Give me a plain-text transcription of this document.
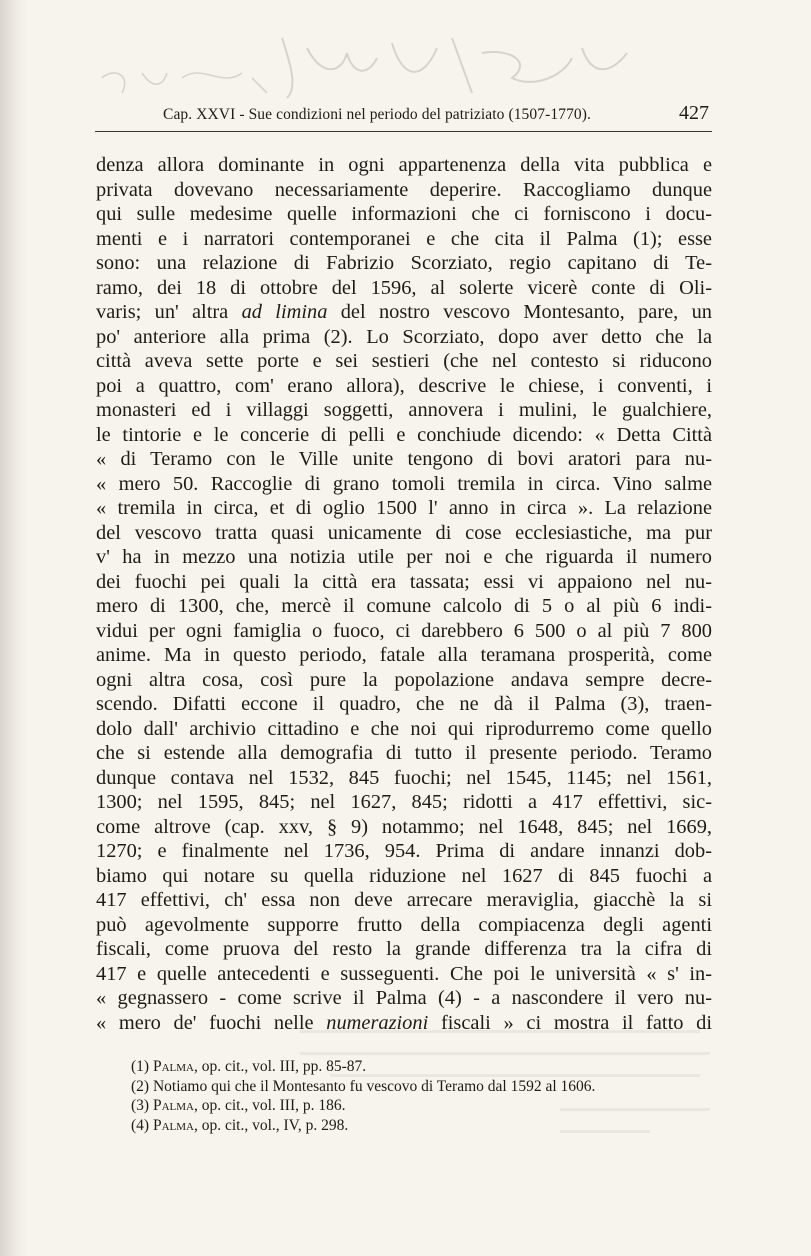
Cap. XXVI - Sue condizioni nel periodo del patriziato (1507-1770).	427
denza allora dominante in ogni appartenenza della vita pubblica e
privata dovevano necessariamente deperire. Raccogliamo dunque
qui sulle medesime quelle informazioni che ci forniscono i docu-
menti e i narratori contemporanei e che cita il Palma (1); esse
sono: una relazione di Fabrizio Scorziato, regio capitano di Te-
ramo, dei 18 di ottobre del 1596, al solerte vicerè conte di Oli-
varis; un' altra ad limina del nostro vescovo Montesanto, pare, un
po' anteriore alla prima (2). Lo Scorziato, dopo aver detto che la
città aveva sette porte e sei sestieri (che nel contesto si riducono
poi a quattro, com' erano allora), descrive le chiese, i conventi, i
monasteri ed i villaggi soggetti, annovera i mulini, le gualchiere,
le tintorie e le concerie di pelli e conchiude dicendo: « Detta Città
« di Teramo con le Ville unite tengono di bovi aratori para nu-
« mero 50. Raccoglie di grano tomoli tremila in circa. Vino salme
« tremila in circa, et di oglio 1500 l' anno in circa ». La relazione
del vescovo tratta quasi unicamente di cose ecclesiastiche, ma pur
v' ha in mezzo una notizia utile per noi e che riguarda il numero
dei fuochi pei quali la città era tassata; essi vi appaiono nel nu-
mero di 1300, che, mercè il comune calcolo di 5 o al più 6 indi-
vidui per ogni famiglia o fuoco, ci darebbero 6 500 o al più 7 800
anime. Ma in questo periodo, fatale alla teramana prosperità, come
ogni altra cosa, così pure la popolazione andava sempre decre-
scendo. Difatti eccone il quadro, che ne dà il Palma (3), traen-
dolo dall' archivio cittadino e che noi qui riprodurremo come quello
che si estende alla demografia di tutto il presente periodo. Teramo
dunque contava nel 1532, 845 fuochi; nel 1545, 1145; nel 1561,
1300; nel 1595, 845; nel 1627, 845; ridotti a 417 effettivi, sic-
come altrove (cap. xxv, § 9) notammo; nel 1648, 845; nel 1669,
1270; e finalmente nel 1736, 954. Prima di andare innanzi dob-
biamo qui notare su quella riduzione nel 1627 di 845 fuochi a
417 effettivi, ch' essa non deve arrecare meraviglia, giacchè la si
può agevolmente supporre frutto della compiacenza degli agenti
fiscali, come pruova del resto la grande differenza tra la cifra di
417 e quelle antecedenti e susseguenti. Che poi le università « s' in-
« gegnassero - come scrive il Palma (4) - a nascondere il vero nu-
« mero de' fuochi nelle numerazioni fiscali » ci mostra il fatto di
(1) Palma, op. cit., vol. III, pp. 85-87.
(2) Notiamo qui che il Montesanto fu vescovo di Teramo dal 1592 al 1606.
(3) Palma, op. cit., vol. III, p. 186.
(4) Palma, op. cit., vol., IV, p. 298.
